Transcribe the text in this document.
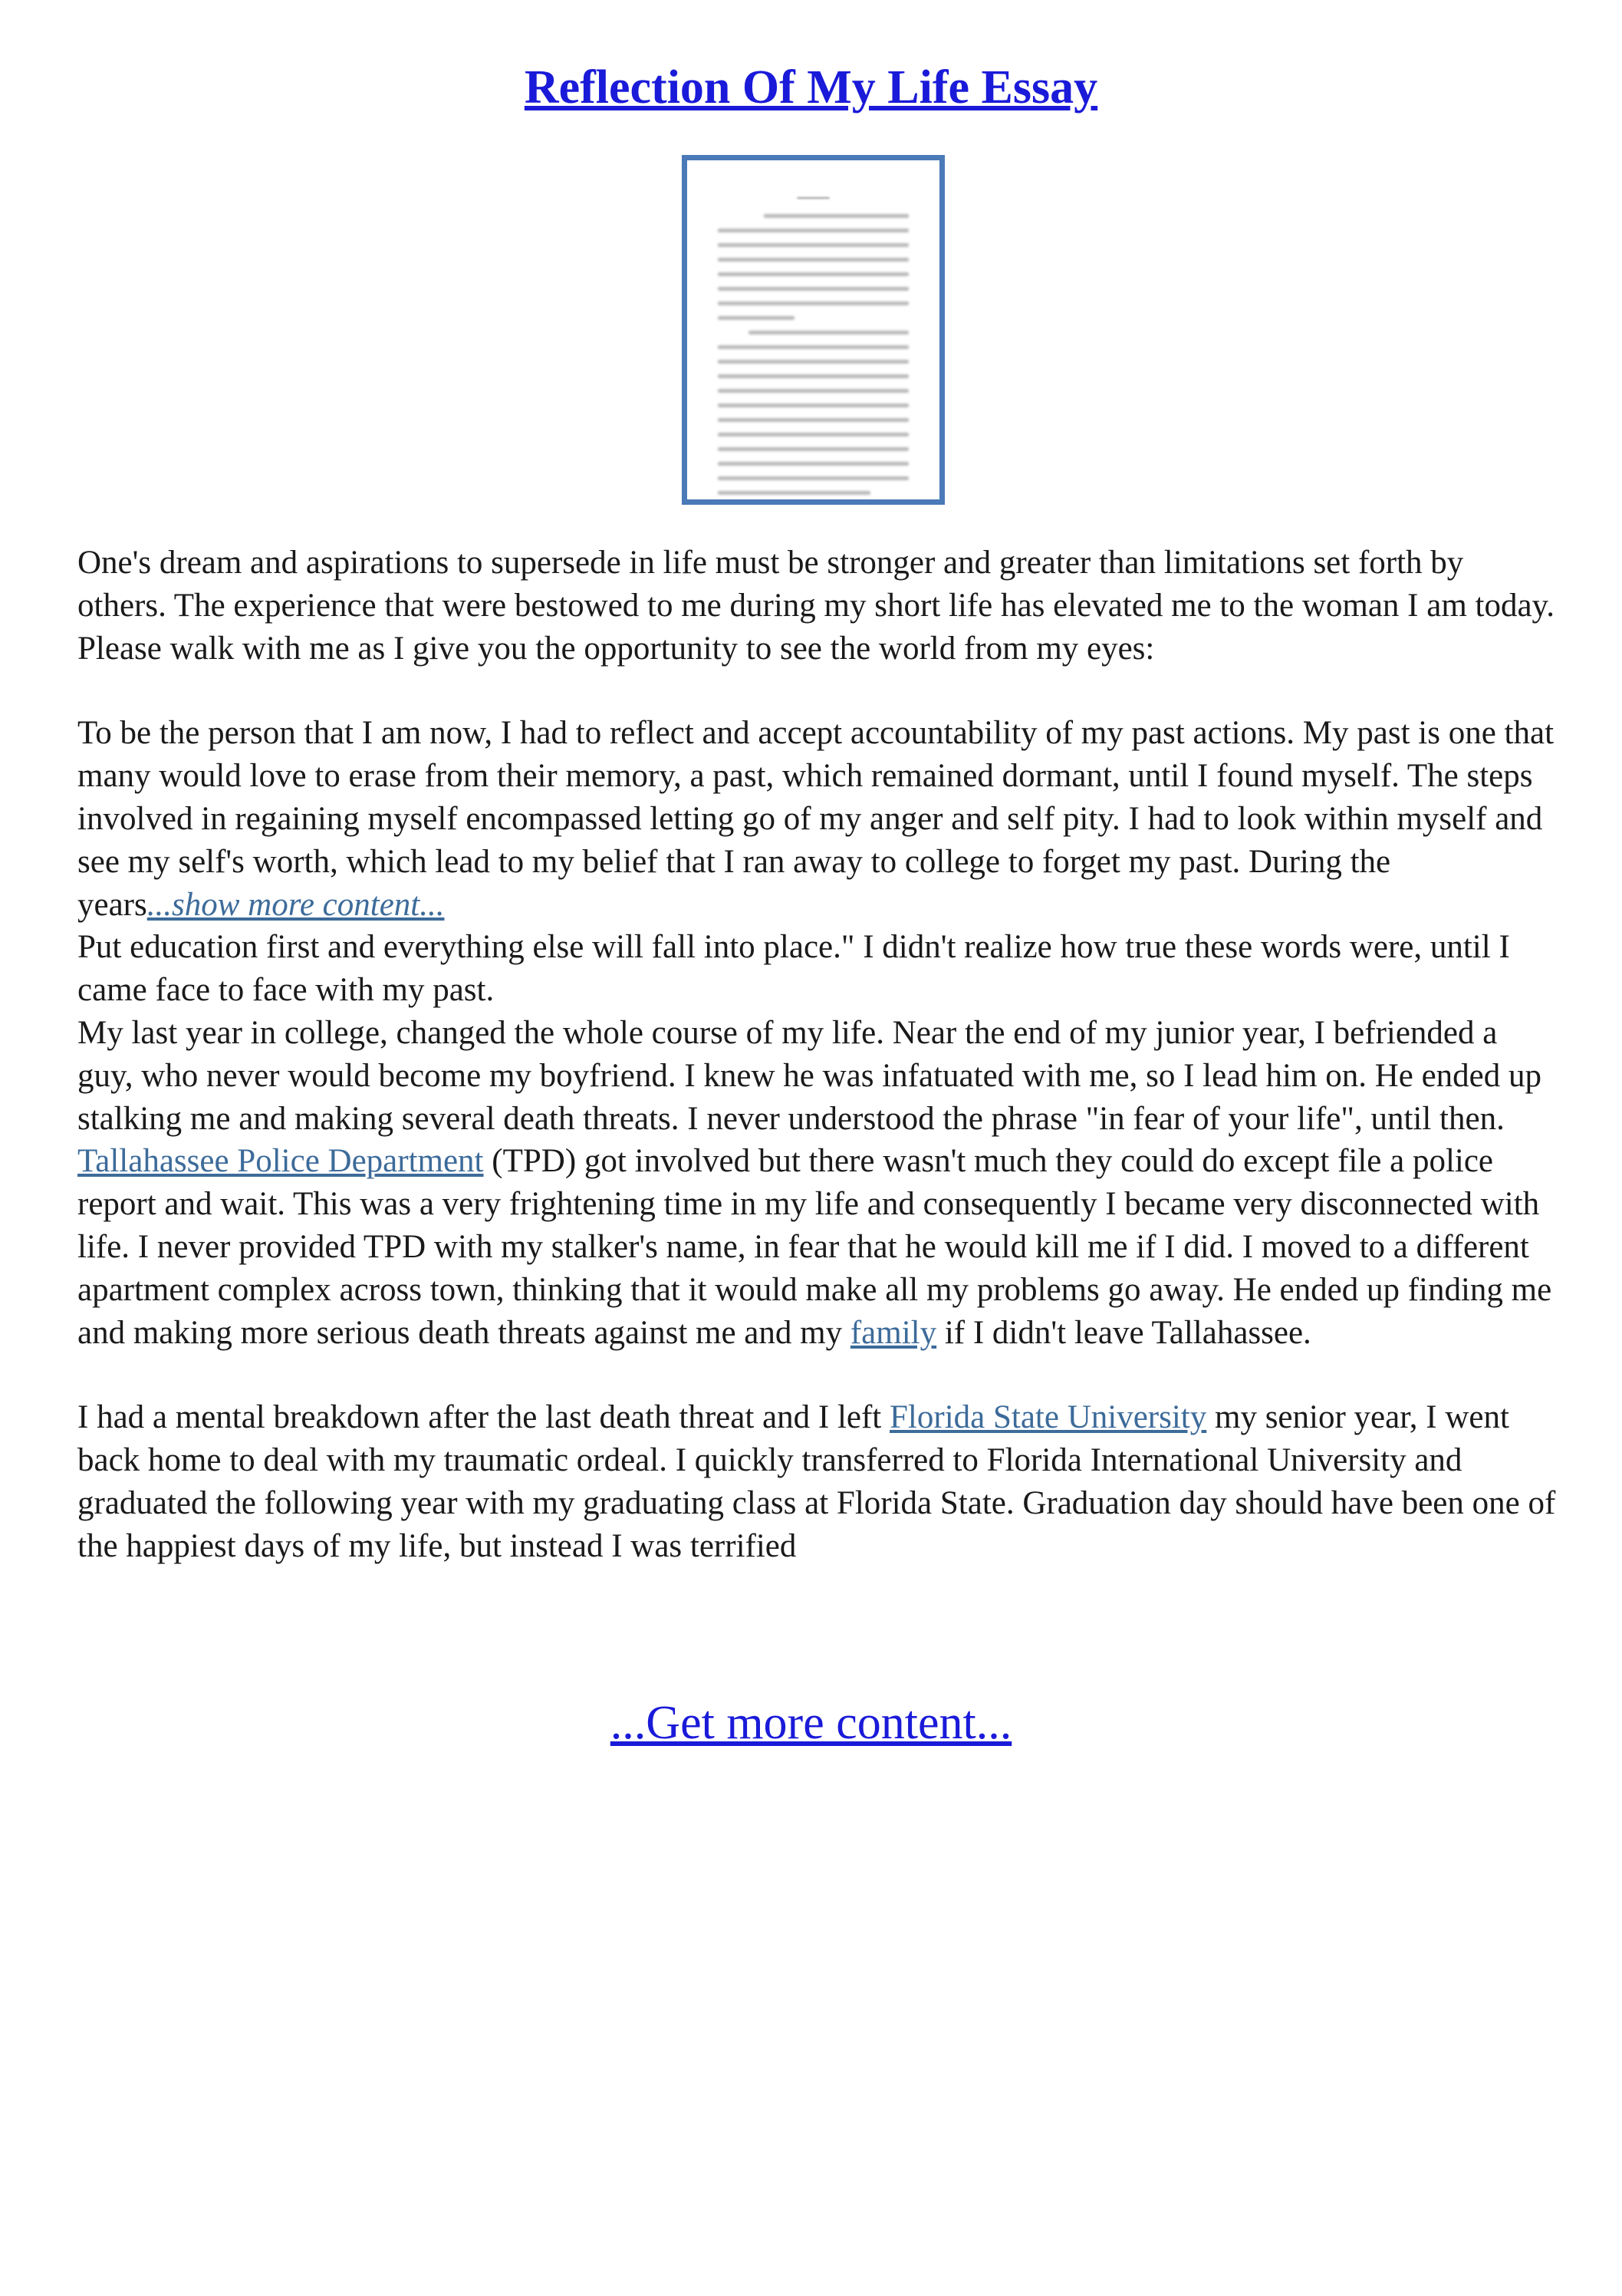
Reflection Of My Life Essay
▬▬▬▬▬▬▬

One's dream and aspirations to supersede in life must be stronger and greater than limitations set forth by others. The experience that were bestowed to me during my short life has elevated me to the woman I am today. Please walk with me as I give you the opportunity to see the world from my eyes:

To be the person that I am now, I had to reflect and accept accountability of my past actions. My past is one that many would love to erase from their memory, a past, which remained dormant, until I found myself. The steps involved in regaining myself encompassed letting go of my anger and self pity. I had to look within myself and see my self's worth, which lead to my belief that I ran away to college to forget my past. During the years...show more content...

Put education first and everything else will fall into place." I didn't realize how true these words were, until I came face to face with my past.

My last year in college, changed the whole course of my life. Near the end of my junior year, I befriended a guy, who never would become my boyfriend. I knew he was infatuated with me, so I lead him on. He ended up stalking me and making several death threats. I never understood the phrase "in fear of your life", until then. Tallahassee Police Department (TPD) got involved but there wasn't much they could do except file a police report and wait. This was a very frightening time in my life and consequently I became very disconnected with life. I never provided TPD with my stalker's name, in fear that he would kill me if I did. I moved to a different apartment complex across town, thinking that it would make all my problems go away. He ended up finding me and making more serious death threats against me and my family if I didn't leave Tallahassee.

I had a mental breakdown after the last death threat and I left Florida State University my senior year, I went back home to deal with my traumatic ordeal. I quickly transferred to Florida International University and graduated the following year with my graduating class at Florida State. Graduation day should have been one of the happiest days of my life, but instead I was terrified

...Get more content...
